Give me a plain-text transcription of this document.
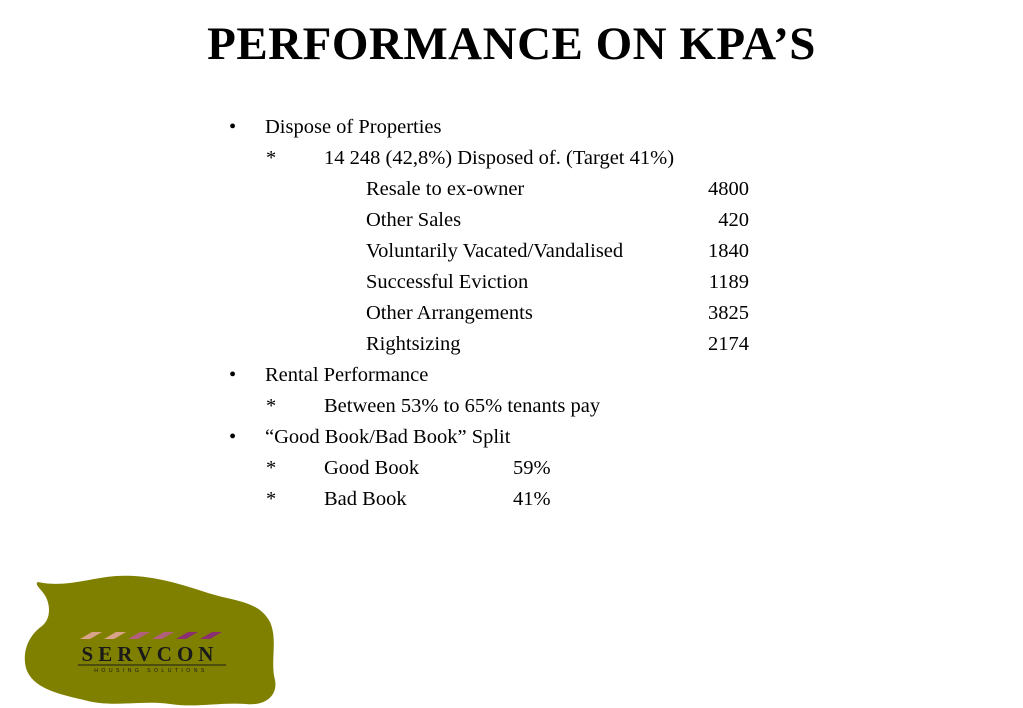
PERFORMANCE ON KPA’S
• Dispose of Properties
* 14 248 (42,8%) Disposed of. (Target 41%)
Resale to ex-owner	4800
Other Sales	420
Voluntarily Vacated/Vandalised	1840
Successful Eviction	1189
Other Arrangements	3825
Rightsizing	2174
• Rental Performance
* Between 53% to 65% tenants pay
• “Good Book/Bad Book” Split
* Good Book	59%
* Bad Book	41%
SERVCON
HOUSING SOLUTIONS
